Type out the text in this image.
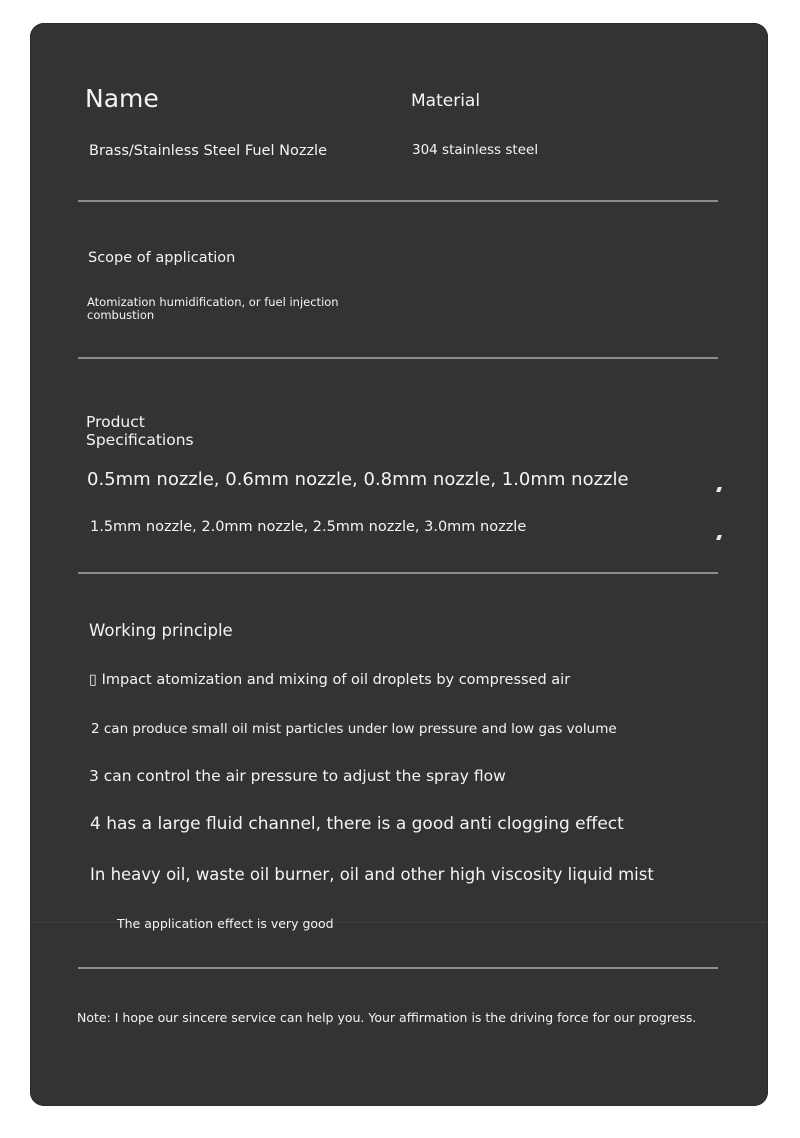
Name	Material
Brass/Stainless Steel Fuel Nozzle	304 stainless steel
Scope of application
Atomization humidification, or fuel injection
combustion
Product
Specifications
0.5mm nozzle, 0.6mm nozzle, 0.8mm nozzle, 1.0mm nozzle
1.5mm nozzle, 2.0mm nozzle, 2.5mm nozzle, 3.0mm nozzle
Working principle
▯ Impact atomization and mixing of oil droplets by compressed air
2 can produce small oil mist particles under low pressure and low gas volume
3 can control the air pressure to adjust the spray flow
4 has a large fluid channel, there is a good anti clogging effect
In heavy oil, waste oil burner, oil and other high viscosity liquid mist
The application effect is very good
Note: I hope our sincere service can help you. Your affirmation is the driving force for our progress.
